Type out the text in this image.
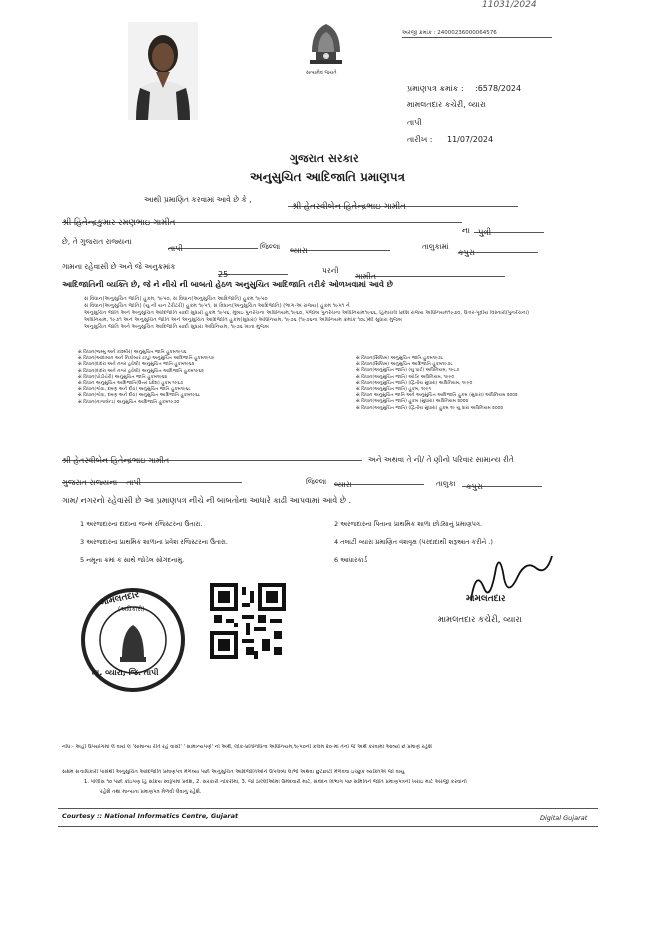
11031/2024
અરજી ક્રમાંક : 24000236000064576
સત્યમેવ જયતે
પ્રમાણપત્ર ક્રમાંક : :6578/2024
મામલતદાર કચેરી, વ્યારા
તાપી
તારીખ : 11/07/2024
ગુજરાત સરકાર
અનુસુચિત આદિજાતિ પ્રમાણપત્ર
આથી પ્રમાણિત કરવામાં આવે છે કે ,
શ્રી હેતસ્વીબેન હિતેન્દ્રભાઇ ગામીત
શ્રી હિતેન્દ્રકુમાર રમણભાઇ ગામીત
ના પુત્રી
છે, તે ગુજરાત રાજ્યના
તાપી	જિલ્લા વ્યારા	તાલુકામાં
કપુરા
ગામના રહેવાસી છે અને જે અનુક્રમાંક
25	પરની
ગામીત
આદિજાતિની વ્યક્તિ છે, જે ને નીચે ની બાબતો હેઠળ અનુસુચિત આદિજાતિ તરીકે ઓળખવામાં આવે છે
સં વિધાન(અનુસુચિત જાતિ) હુકમ, ૧૯૫૦, સં વિધાન(અનુસુચિત આદિજાતિ) હુકમ ૧૯૫૦
સં વિધાન(અનુસુચિત જાતિ) (યુ ની યન ટેરીટરી) હુકમ ૧૯૫૧, સં વિધાન(અનુસુચિત આદિજાતિ) (ભાગ-અ રાજ્ય) હુકમ ૧૯૫૧ ને
અનુસુચિત જાતિ અને અનુસુચિત આદિજાતિ યાદી સુધારો હુકમ ૧૯૫૬, મુંબઇ પુનર્રચના અધિનિયમ,૧૯૬૦, પંજાબ પુનર્રચના અધિનિયમ૧૯૬૬, હિમાચલ પ્રદેશ રાજ્ય અધિનિયમ૧૯૭૦, ઉત્તર-પૂર્વીય વિસ્તારો(પુનર્રચના)
અધિનિયમ, ૧૯૭૧ અને અનુસુચિત જાતિ અને અનુસુચિત આદિજાતિ હુકમ(સુધારા) અધિનિયમ, ૧૯૭૬ (૧૯૭૬ના અધિનિયમ ક્રમાંક ૧૦૮)થી સુધારા મુજબ
અનુસુચિત જાતિ અને અનુસુચિત આદિજાતિ યાદી સુધારા અધિનિયમ, ૧૯૭૬ ખાતા મુજબ
સં વિધાન(જમ્મુ અને કાશ્મીર) અનુસુચિત જાતિ હુકમ૧૯૫૬
સં વિધાન(આંદામાન અને નિકોબાર ટાપુ) અનુસુચિત આદિજાતિ હુકમ૧૯૫૯
સં વિધાન(દાદરા અને નગર હવેલી) અનુસુચિત જાતિ હુકમ૧૯૬૨
સં વિધાન(દાદરા અને નગર હવેલી) અનુસુચિત આદિજાતિ હુકમ૧૯૬૨
સં વિધાન(પોંડીચેરી) અનુસુચિત જાતિ હુકમ૧૯૬૪
સં વિધાન અનુસુચિત આદિજાતિ(ઉત્તર પ્રદેશ) હુકમ ૧૯૬૭
સં વિધાન(ગોવા, દમણ અને દીવ) અનુસુચિત જાતિ હુકમ૧૯૬૮
સં વિધાન(ગોવા, દમણ અને દીવ) અનુસુચિત આદિજાતિ હુકમ૧૯૬૮
સં વિધાન(નાગાલેન્ડ) અનુસુચિત આદિજાતિ હુકમ૧૯૭૦
સં વિધાન(સિક્કિમ) અનુસુચિત જાતિ હુકમ૧૯૭૮
સં વિધાન(સિક્કિમ) અનુસુચિત આદિજાતિ હુકમ૧૯૭૮
સં વિધાન(અનુસુચિત જાતિ) (યુ પાર્ટ) અધિનિયમ, ૧૯૮૭
સં વિધાન(અનુસુચિત જાતિ) ઓર્ડર અધિનિયમ, ૧૯૯૦
સં વિધાન(અનુસુચિત જાતિ) (દ્વિતીય સુધારા) અધિનિયમ, ૧૯૯૦
સં વિધાન(અનુસુચિત જાતિ) હુકમ, ૧૯૯૧
સં વિધાન અનુસુચિત જાતિ અને અનુસુચિત આદિજાતિ હુકમ (સુધારા) અધિનિયમ ૨૦૦૨
સં વિધાન(અનુસુચિત જાતિ) હુકમ (સુધારા) અધિનિયમ ૨૦૦૨
સં વિધાન(અનુસુચિત જાતિ) (દ્વિતીય સુધારા) હુકમ ૧૯ યુ ધારા અધિનિયમ ૨૦૦૨
શ્રી હેતસ્વીબેન હિતેન્દ્રભાઇ ગામીત	અને અથવા તે ની/ તે ણીનો પરિવાર સામાન્ય રીતે
ગુજરાત રાજ્યના તાપી	જિલ્લા વ્યારા	તાલુકા	કપુરા
ગામ/ નગરનો રહેવાસી છે આ પ્રમાણપત્ર નીચે ની બાબતોના આધારે કાઢી આપવામાં આવે છે .
1 અરજદારના દાદાના જન્મ રજિસ્ટરના ઉતારા.	2 અરજદારના પિતાના પ્રાથમિક શાળા છોડ્યાનું પ્રમાણપત્ર.
3 અરજદારના પ્રાથમિક શાળાના પ્રવેશ રજિસ્ટરના ઉતારા.	4 તલાટી વ્યારા પ્રમાણિત વંશવૃક્ષ (પરદાદાથી શરૂઆત કરીને .)
5 નમૂના ક્રમાં ક સાથે જોડેલ સોગંદનામું.	6 આધારકાર્ડ
મામલતદાર
(અધિકારી)
તા. વ્યારા, જિ. તાપી
મામલતદાર
મામલતદાર કચેરી, વ્યારા
નોંધ:- અહીં ઉપયોગમાં લે વાયે લ 'સામાન્ય રીતે રહે વાસી' ' સામાન્યપણે' નો અર્થ, લોક-પ્રતિનિધિત્વ અધિનિયમ,૧૯૫૦ની કલમ ૨૦-માં તેનો જે અર્થ કરવામાં આવ્યો છે પ્રમાણે રહેશે
સક્ષમ સત્તાધિકારી પાસેથી અનુસુચિત આદિજાતિ પ્રમાણપત્ર મેળવ્યા પછી અનુસુચિત આદિજાતિઓને ઉપલબ્ધ લાભો અથવા છુટછાટો મેળવવા ઇચ્છુક વ્યક્તિએ જો વાયુ
1. પોલીસ ૧૦ પછી કોઇપણ હિ સક્રિય સ્વરૂપમાં પ્રવેશ, 2. સરકારી નોકરીમાં, 3. જો ઠાલ્લીઓમાં ઉમેદવારી માટે, સંવેદન વિભાગ પછ સમિતિને જાતિ પ્રમાણપત્રની ખરાઇ માટે અરજી કરવાની
રહેશે તથા માન્યતા પ્રમાણપત્ર મેળવી લેવાનું રહેશે.
Courtesy :: National Informatics Centre, Gujarat	Digital Gujarat
